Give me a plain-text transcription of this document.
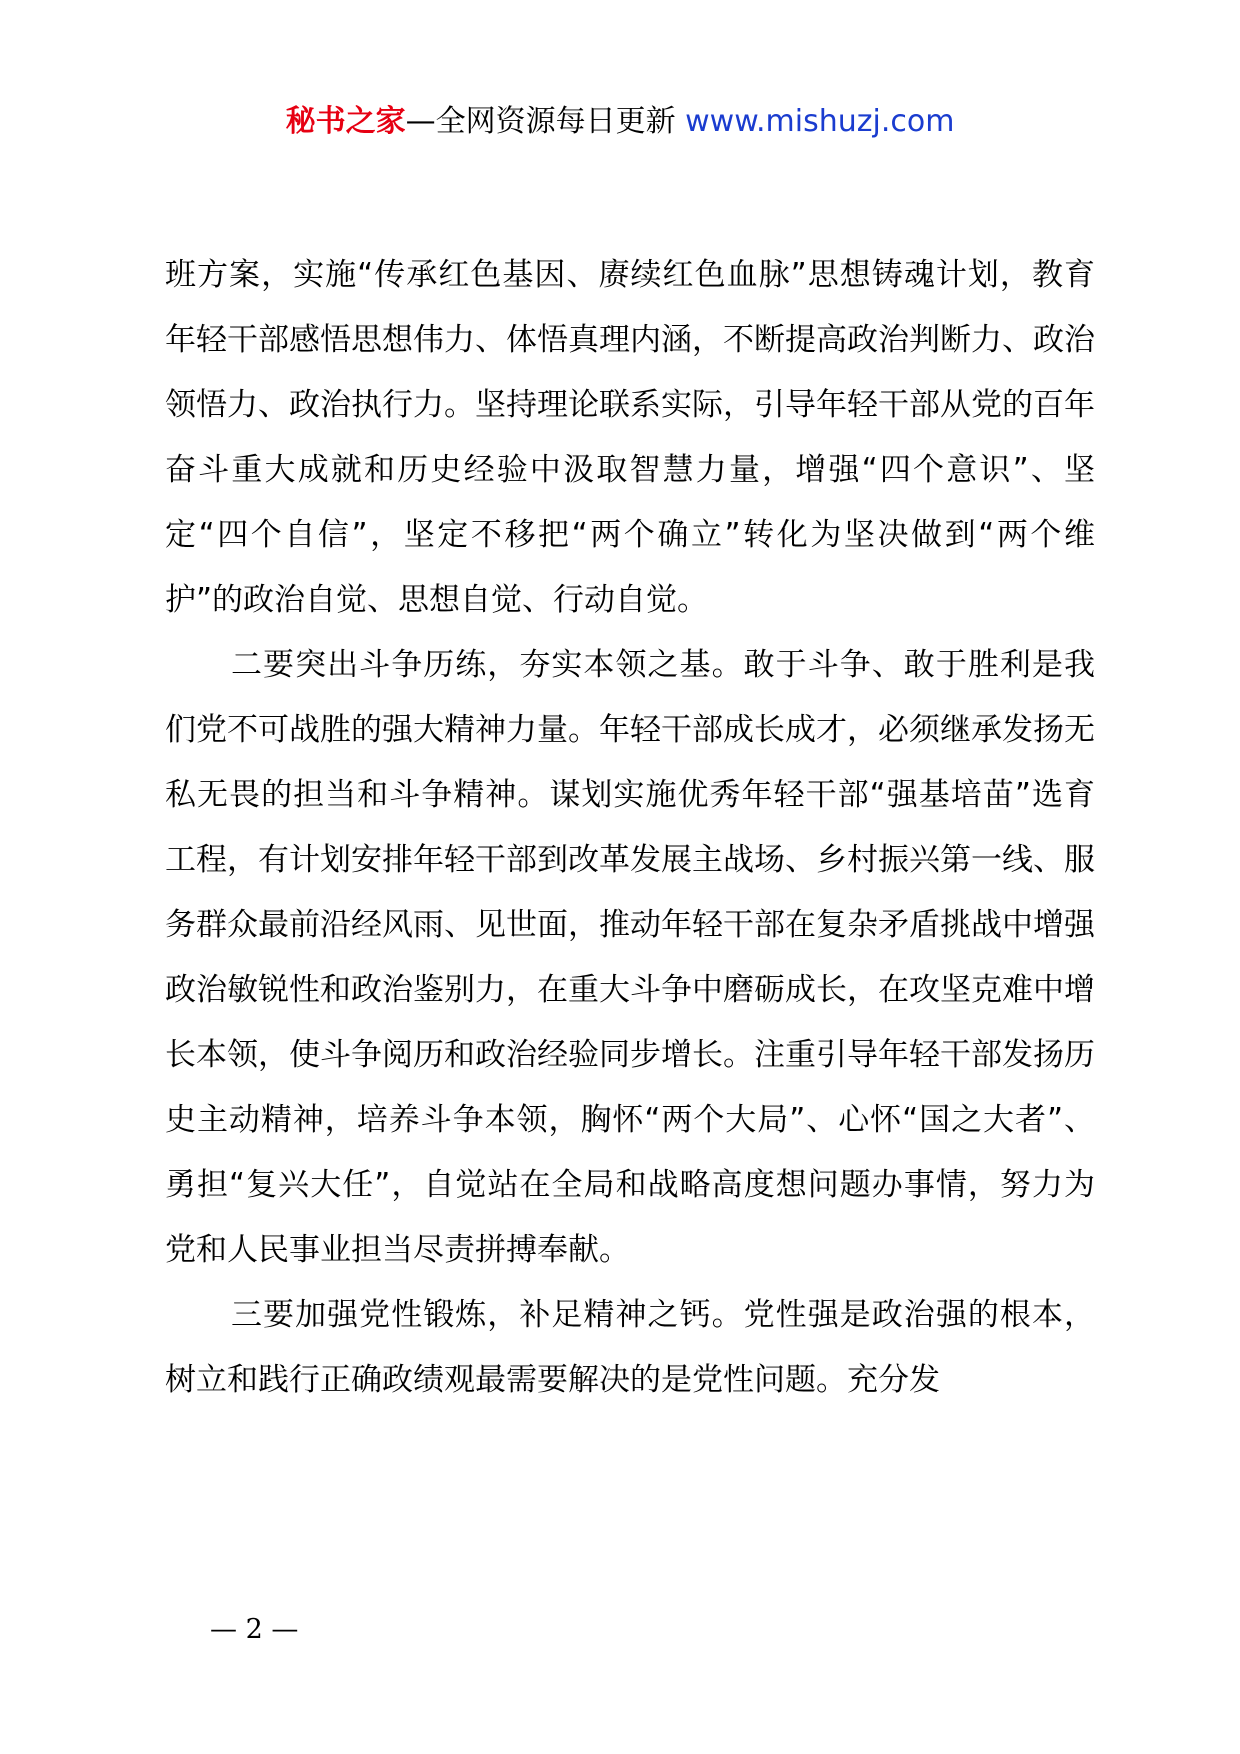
秘书之家—全网资源每日更新 www.mishuzj.com

班方案，实施“传承红色基因、赓续红色血脉”思想铸魂计划，教育年轻干部感悟思想伟力、体悟真理内涵，不断提高政治判断力、政治领悟力、政治执行力。坚持理论联系实际，引导年轻干部从党的百年奋斗重大成就和历史经验中汲取智慧力量，增强“四个意识”、坚定“四个自信”，坚定不移把“两个确立”转化为坚决做到“两个维护”的政治自觉、思想自觉、行动自觉。

二要突出斗争历练，夯实本领之基。敢于斗争、敢于胜利是我们党不可战胜的强大精神力量。年轻干部成长成才，必须继承发扬无私无畏的担当和斗争精神。谋划实施优秀年轻干部“强基培苗”选育工程，有计划安排年轻干部到改革发展主战场、乡村振兴第一线、服务群众最前沿经风雨、见世面，推动年轻干部在复杂矛盾挑战中增强政治敏锐性和政治鉴别力，在重大斗争中磨砺成长，在攻坚克难中增长本领，使斗争阅历和政治经验同步增长。注重引导年轻干部发扬历史主动精神，培养斗争本领，胸怀“两个大局”、心怀“国之大者”、勇担“复兴大任”，自觉站在全局和战略高度想问题办事情，努力为党和人民事业担当尽责拼搏奉献。

三要加强党性锻炼，补足精神之钙。党性强是政治强的根本，树立和践行正确政绩观最需要解决的是党性问题。充分发

— 2 —
